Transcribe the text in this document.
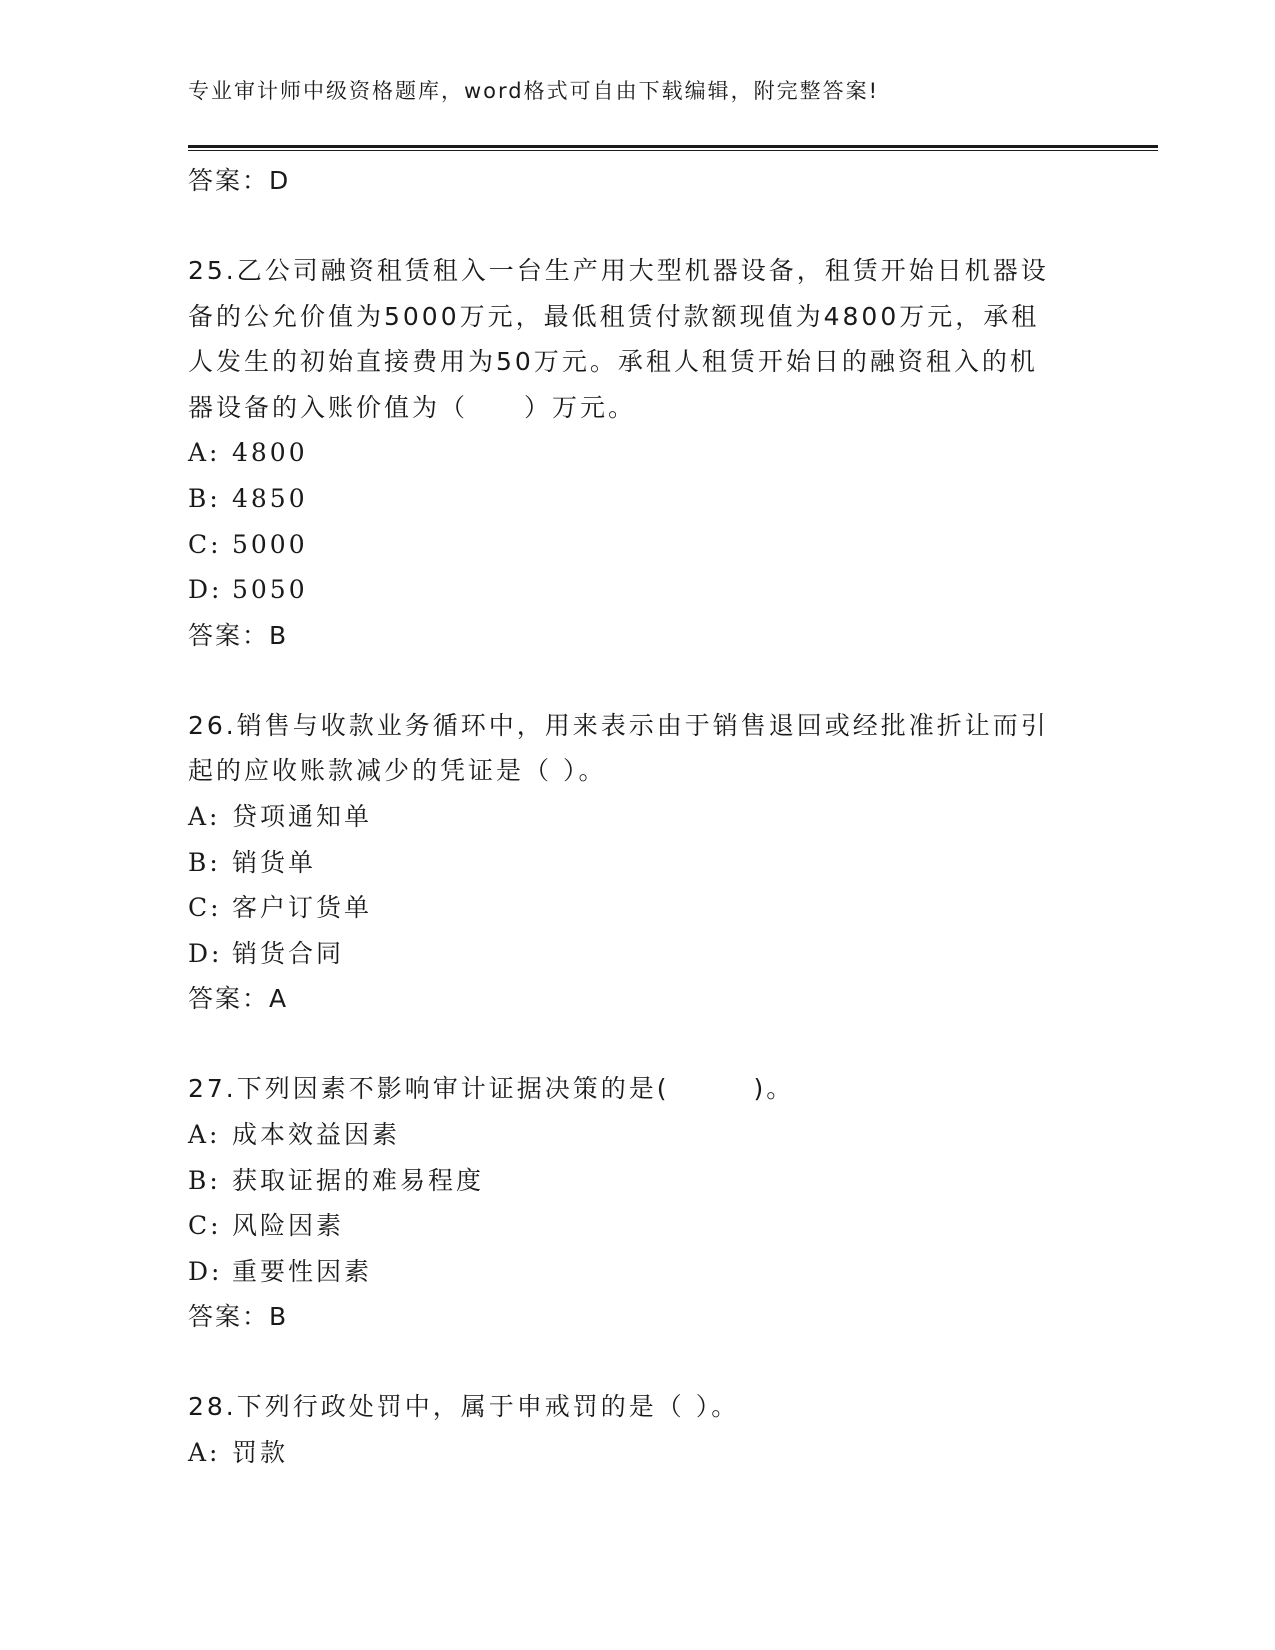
专业审计师中级资格题库，word格式可自由下载编辑，附完整答案!
答案：D
25.乙公司融资租赁租入一台生产用大型机器设备，租赁开始日机器设
备的公允价值为5000万元，最低租赁付款额现值为4800万元，承租
人发生的初始直接费用为50万元。承租人租赁开始日的融资租入的机
器设备的入账价值为（　　）万元。
A: 4800
B: 4850
C: 5000
D: 5050
答案：B
26.销售与收款业务循环中，用来表示由于销售退回或经批准折让而引
起的应收账款减少的凭证是（ ）。
A: 贷项通知单
B: 销货单
C: 客户订货单
D: 销货合同
答案：A
27.下列因素不影响审计证据决策的是(　　　)。
A: 成本效益因素
B: 获取证据的难易程度
C: 风险因素
D: 重要性因素
答案：B
28.下列行政处罚中，属于申戒罚的是（ ）。
A: 罚款
